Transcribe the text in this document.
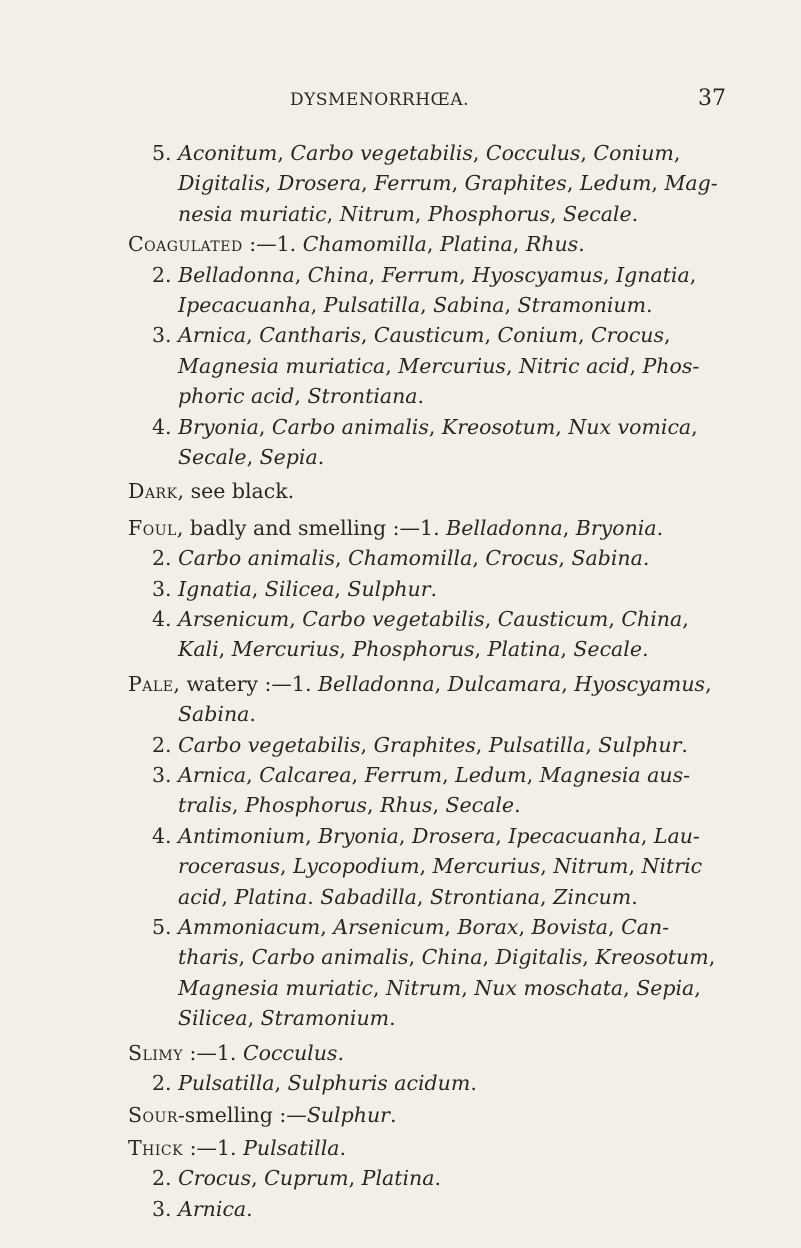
DYSMENORRHŒA.	37
5. Aconitum, Carbo vegetabilis, Cocculus, Conium,
Digitalis, Drosera, Ferrum, Graphites, Ledum, Mag-
nesia muriatic, Nitrum, Phosphorus, Secale.
Coagulated :—1. Chamomilla, Platina, Rhus.
2. Belladonna, China, Ferrum, Hyoscyamus, Ignatia,
Ipecacuanha, Pulsatilla, Sabina, Stramonium.
3. Arnica, Cantharis, Causticum, Conium, Crocus,
Magnesia muriatica, Mercurius, Nitric acid, Phos-
phoric acid, Strontiana.
4. Bryonia, Carbo animalis, Kreosotum, Nux vomica,
Secale, Sepia.
Dark, see black.
Foul, badly and smelling :—1. Belladonna, Bryonia.
2. Carbo animalis, Chamomilla, Crocus, Sabina.
3. Ignatia, Silicea, Sulphur.
4. Arsenicum, Carbo vegetabilis, Causticum, China,
Kali, Mercurius, Phosphorus, Platina, Secale.
Pale, watery :—1. Belladonna, Dulcamara, Hyoscyamus,
Sabina.
2. Carbo vegetabilis, Graphites, Pulsatilla, Sulphur.
3. Arnica, Calcarea, Ferrum, Ledum, Magnesia aus-
tralis, Phosphorus, Rhus, Secale.
4. Antimonium, Bryonia, Drosera, Ipecacuanha, Lau-
rocerasus, Lycopodium, Mercurius, Nitrum, Nitric
acid, Platina. Sabadilla, Strontiana, Zincum.
5. Ammoniacum, Arsenicum, Borax, Bovista, Can-
tharis, Carbo animalis, China, Digitalis, Kreosotum,
Magnesia muriatic, Nitrum, Nux moschata, Sepia,
Silicea, Stramonium.
Slimy :—1. Cocculus.
2. Pulsatilla, Sulphuris acidum.
Sour-smelling :—Sulphur.
Thick :—1. Pulsatilla.
2. Crocus, Cuprum, Platina.
3. Arnica.
